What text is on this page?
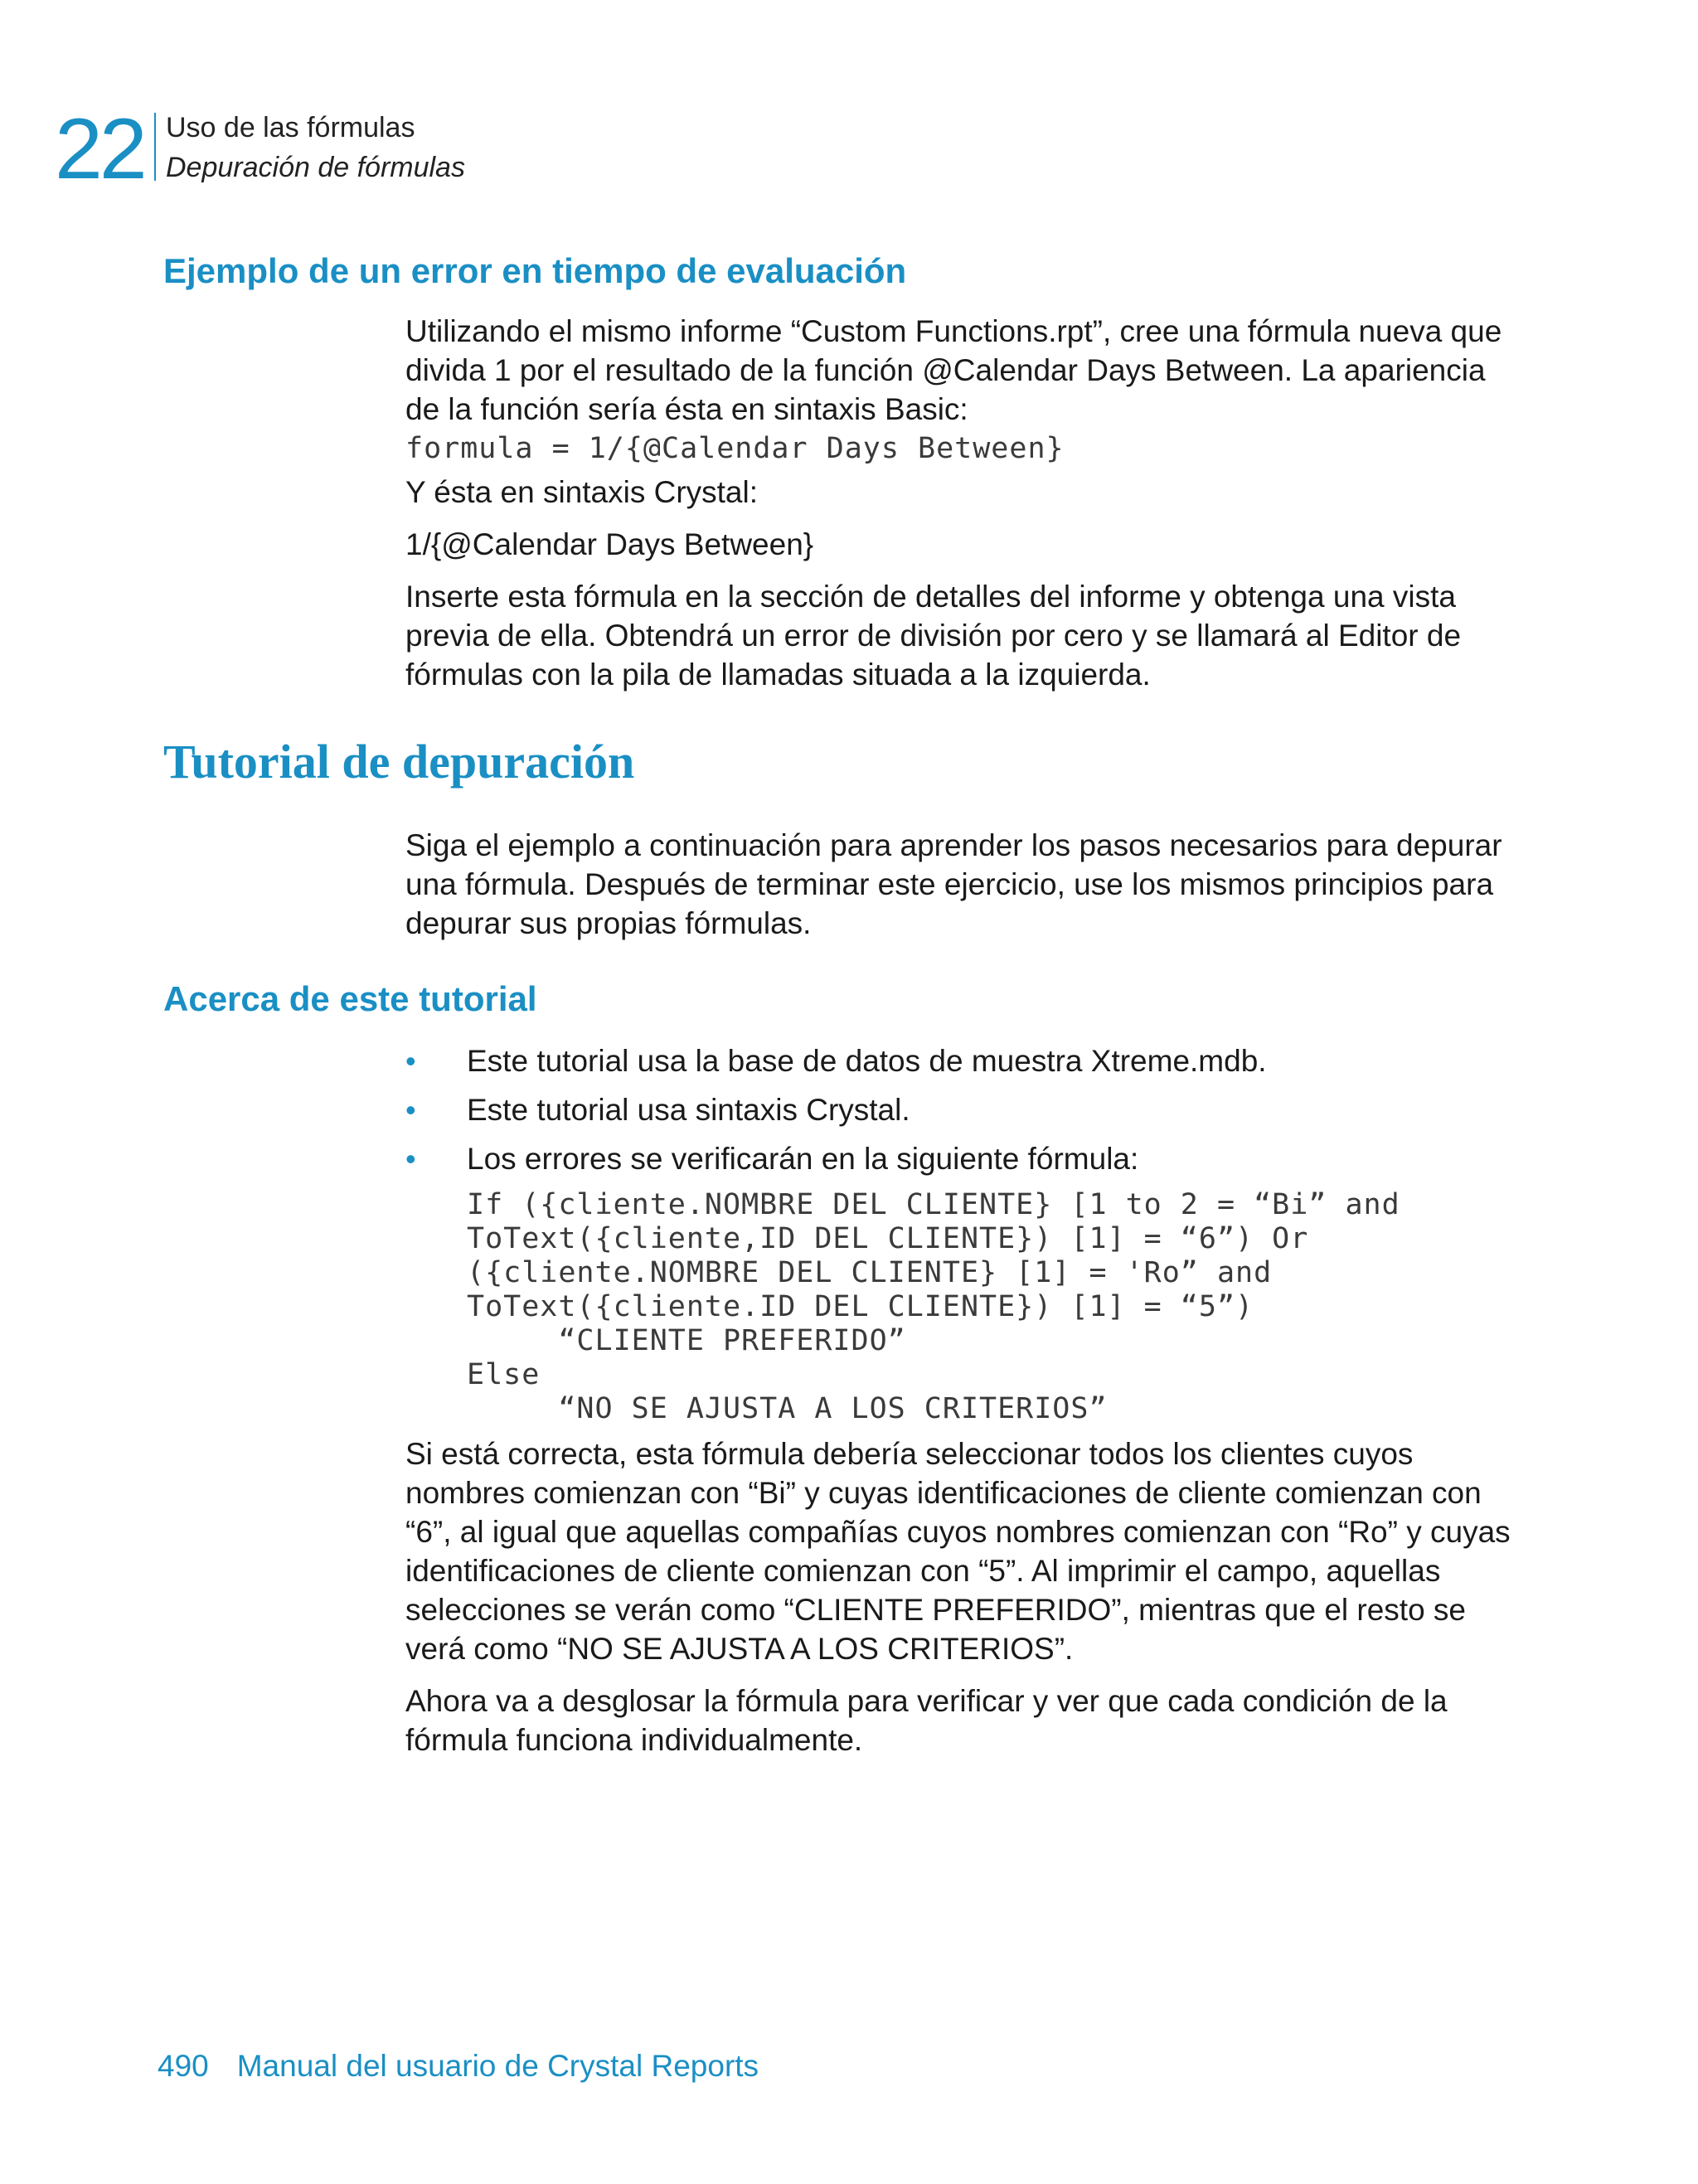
22 Uso de las fórmulas
Depuración de fórmulas
Ejemplo de un error en tiempo de evaluación

Utilizando el mismo informe “Custom Functions.rpt”, cree una fórmula nueva que divida 1 por el resultado de la función @Calendar Days Between. La apariencia de la función sería ésta en sintaxis Basic:

formula = 1/{@Calendar Days Between}

Y ésta en sintaxis Crystal:

1/{@Calendar Days Between}

Inserte esta fórmula en la sección de detalles del informe y obtenga una vista previa de ella. Obtendrá un error de división por cero y se llamará al Editor de fórmulas con la pila de llamadas situada a la izquierda.

Tutorial de depuración

Siga el ejemplo a continuación para aprender los pasos necesarios para depurar una fórmula. Después de terminar este ejercicio, use los mismos principios para depurar sus propias fórmulas.

Acerca de este tutorial
• Este tutorial usa la base de datos de muestra Xtreme.mdb.
• Este tutorial usa sintaxis Crystal.
• Los errores se verificarán en la siguiente fórmula:
If ({cliente.NOMBRE DEL CLIENTE} [1 to 2 = “Bi” and
ToText({cliente,ID DEL CLIENTE}) [1] = “6”) Or
({cliente.NOMBRE DEL CLIENTE} [1] = 'Ro” and
ToText({cliente.ID DEL CLIENTE}) [1] = “5”)
“CLIENTE PREFERIDO”
Else
“NO SE AJUSTA A LOS CRITERIOS”

Si está correcta, esta fórmula debería seleccionar todos los clientes cuyos nombres comienzan con “Bi” y cuyas identificaciones de cliente comienzan con “6”, al igual que aquellas compañías cuyos nombres comienzan con “Ro” y cuyas identificaciones de cliente comienzan con “5”. Al imprimir el campo, aquellas selecciones se verán como “CLIENTE PREFERIDO”, mientras que el resto se verá como “NO SE AJUSTA A LOS CRITERIOS”.

Ahora va a desglosar la fórmula para verificar y ver que cada condición de la fórmula funciona individualmente.

490 Manual del usuario de Crystal Reports
